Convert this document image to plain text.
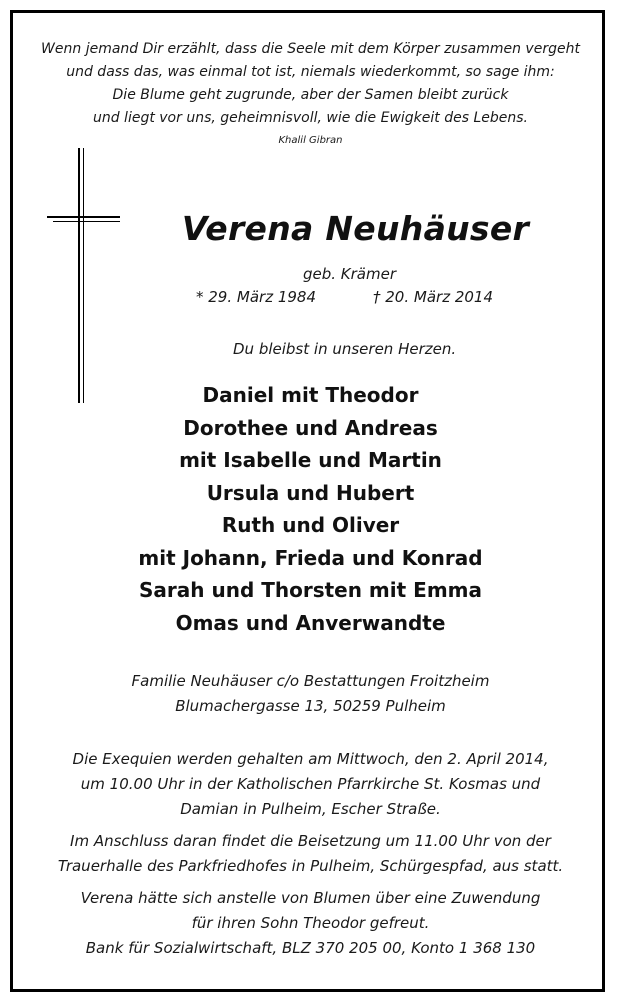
Wenn jemand Dir erzählt, dass die Seele mit dem Körper zusammen vergeht
und dass das, was einmal tot ist, niemals wiederkommt, so sage ihm:
Die Blume geht zugrunde, aber der Samen bleibt zurück
und liegt vor uns, geheimnisvoll, wie die Ewigkeit des Lebens.
Khalil Gibran
Verena Neuhäuser
geb. Krämer
* 29. März 1984	† 20. März 2014
Du bleibst in unseren Herzen.
Daniel mit Theodor
Dorothee und Andreas
mit Isabelle und Martin
Ursula und Hubert
Ruth und Oliver
mit Johann, Frieda und Konrad
Sarah und Thorsten mit Emma
Omas und Anverwandte
Familie Neuhäuser c/o Bestattungen Froitzheim
Blumachergasse 13, 50259 Pulheim
Die Exequien werden gehalten am Mittwoch, den 2. April 2014,
um 10.00 Uhr in der Katholischen Pfarrkirche St. Kosmas und
Damian in Pulheim, Escher Straße.
Im Anschluss daran findet die Beisetzung um 11.00 Uhr von der
Trauerhalle des Parkfriedhofes in Pulheim, Schürgespfad, aus statt.
Verena hätte sich anstelle von Blumen über eine Zuwendung
für ihren Sohn Theodor gefreut.
Bank für Sozialwirtschaft, BLZ 370 205 00, Konto 1 368 130
